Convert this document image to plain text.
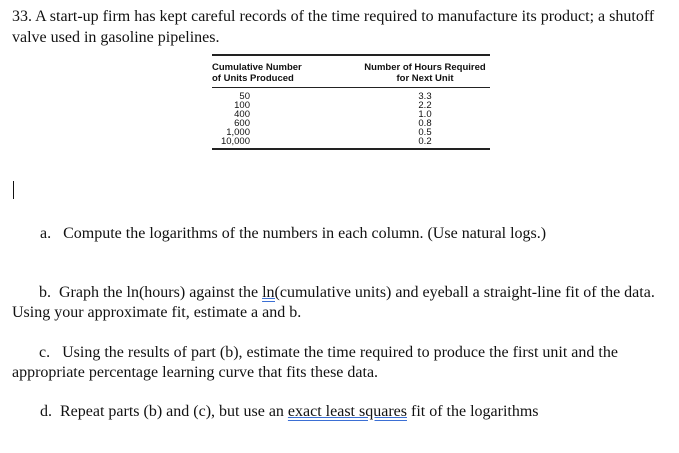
33. A start-up firm has kept careful records of the time required to manufacture its product; a shutoff valve used in gasoline pipelines.
Cumulative Number
of Units Produced
Number of Hours Required
for Next Unit
50
100
400
600
1,000
10,000
3.3
2.2
1.0
0.8
0.5
0.2
a. Compute the logarithms of the numbers in each column. (Use natural logs.)
b. Graph the ln(hours) against the ln(cumulative units) and eyeball a straight-line fit of the data. Using your approximate fit, estimate a and b.
c. Using the results of part (b), estimate the time required to produce the first unit and the appropriate percentage learning curve that fits these data.
d. Repeat parts (b) and (c), but use an exact least squares fit of the logarithms
